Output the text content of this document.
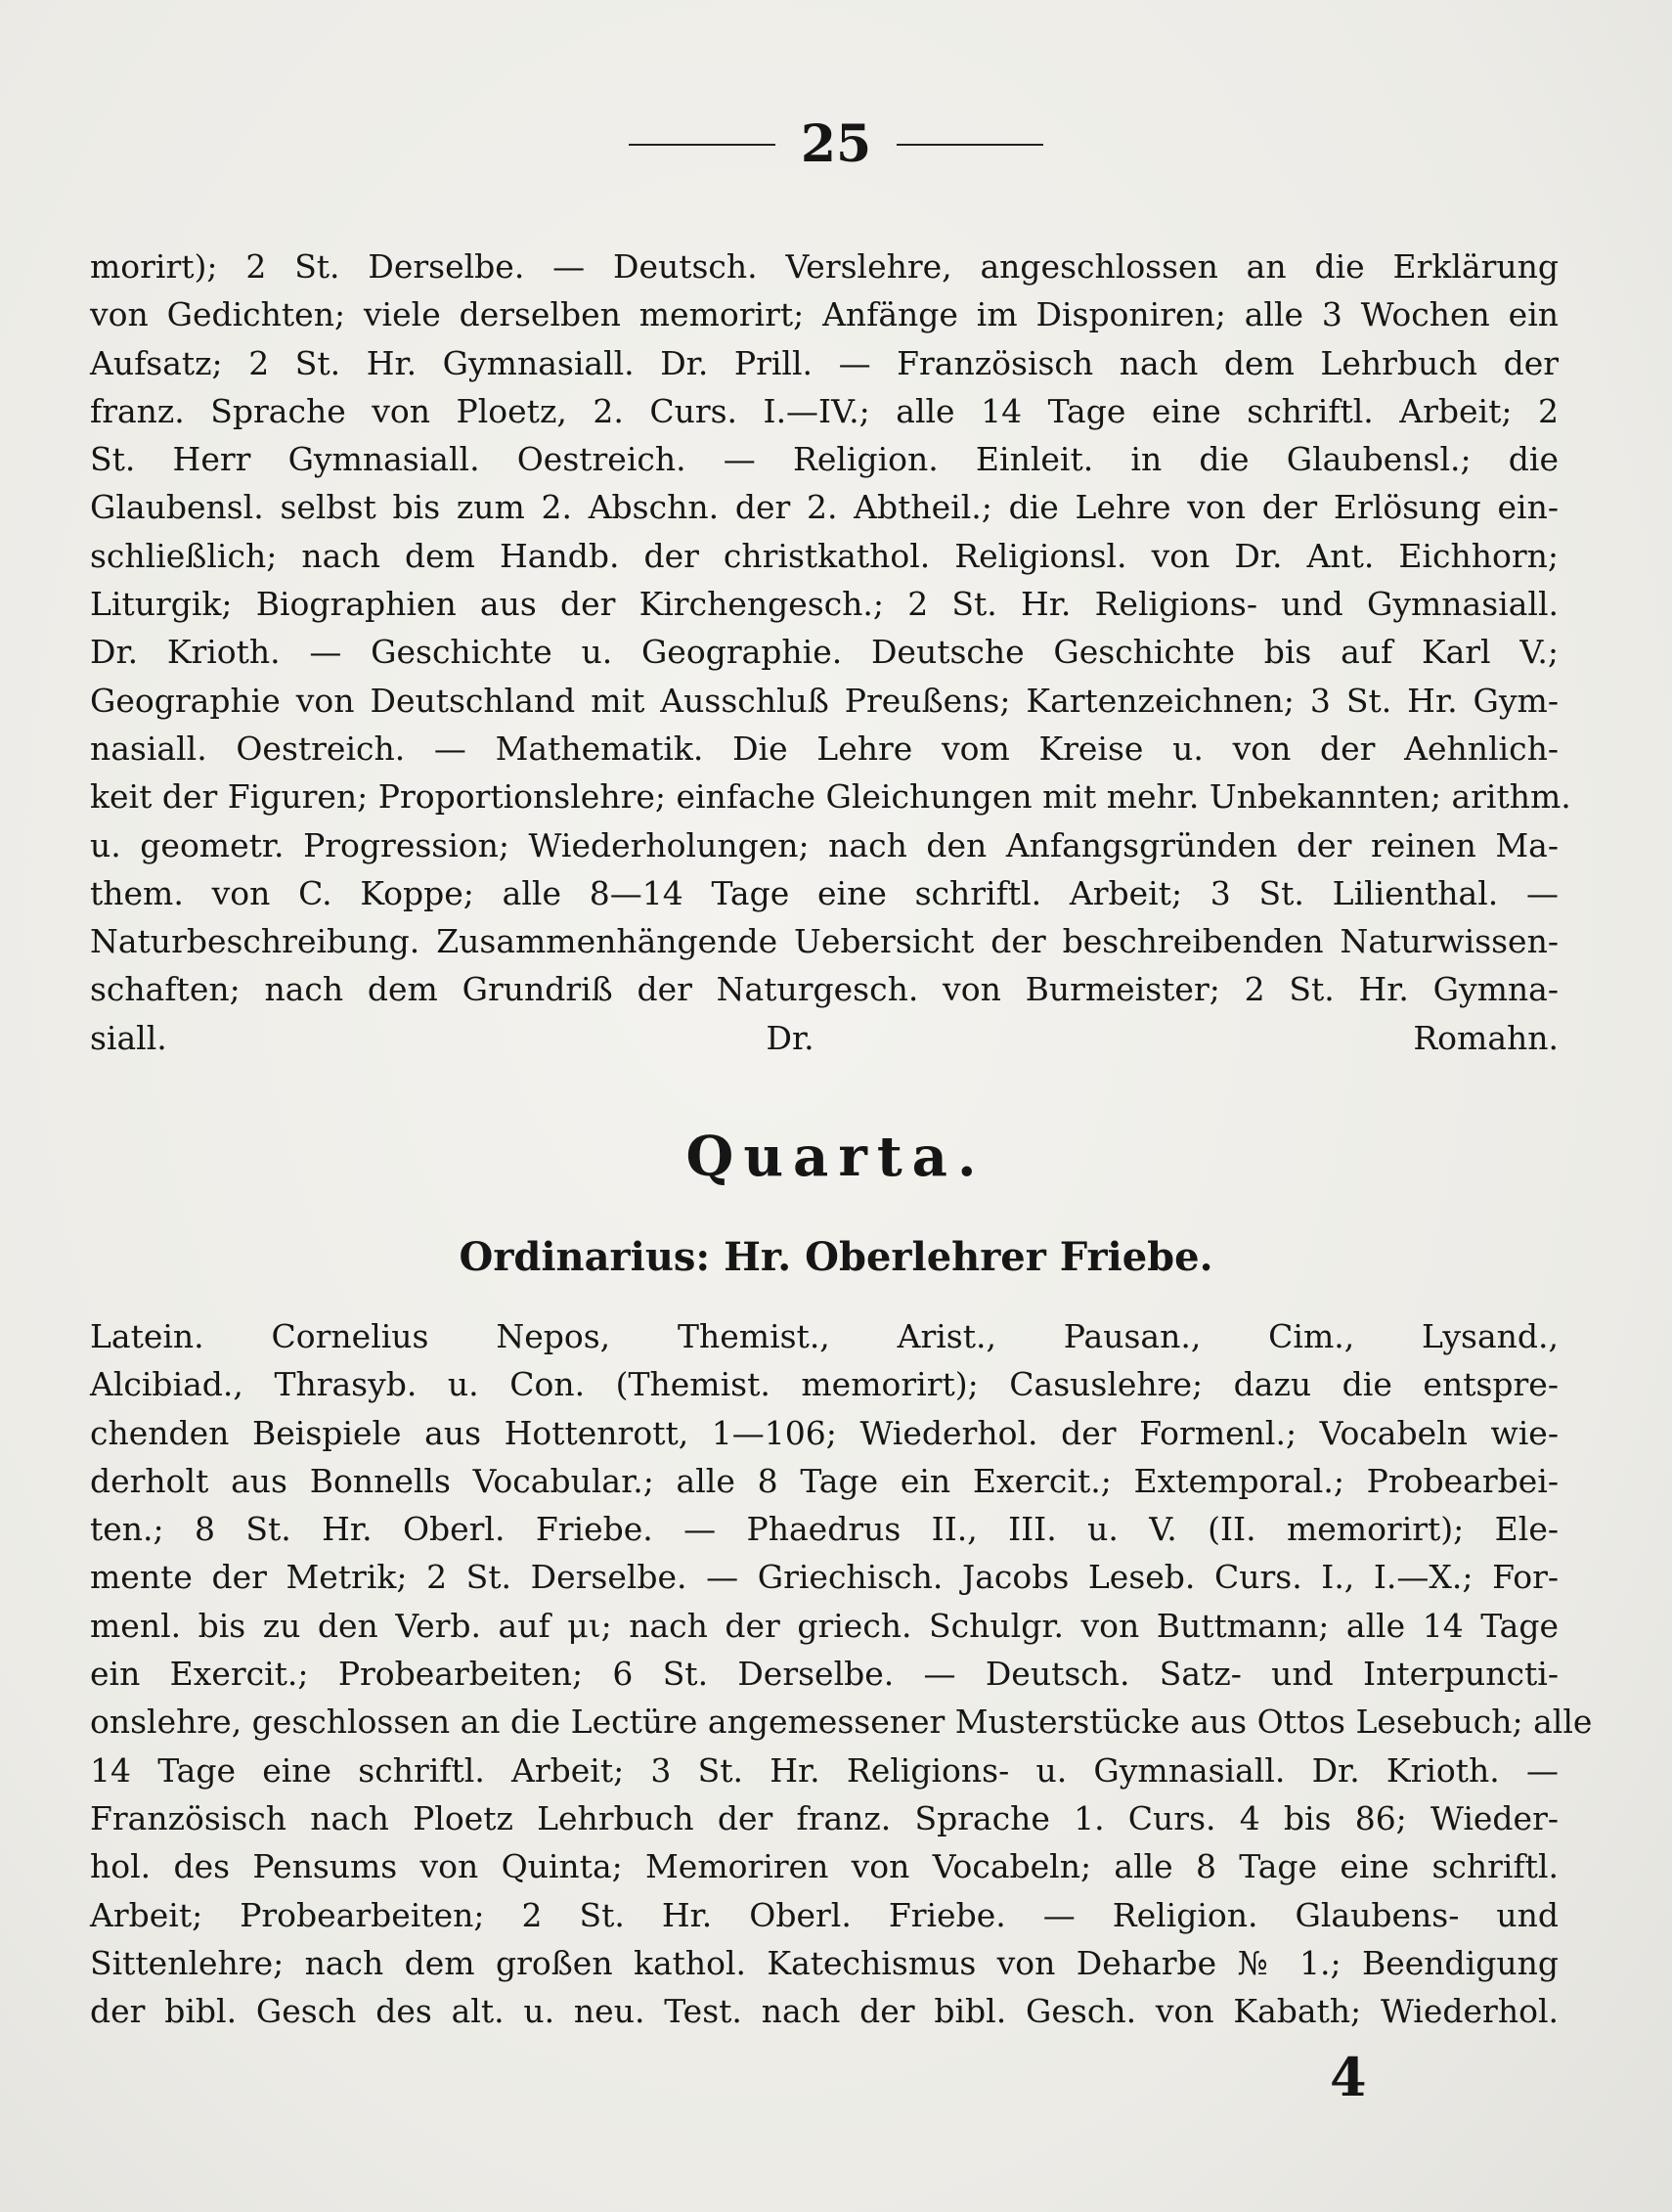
25
morirt); 2 St. Derselbe. — Deutsch. Verslehre, angeschlossen an die Erklärung
von Gedichten; viele derselben memorirt; Anfänge im Disponiren; alle 3 Wochen ein
Aufsatz; 2 St. Hr. Gymnasiall. Dr. Prill. — Französisch nach dem Lehrbuch der
franz. Sprache von Ploetz, 2. Curs. I.—IV.; alle 14 Tage eine schriftl. Arbeit; 2
St. Herr Gymnasiall. Oestreich. — Religion. Einleit. in die Glaubensl.; die
Glaubensl. selbst bis zum 2. Abschn. der 2. Abtheil.; die Lehre von der Erlösung ein-
schließlich; nach dem Handb. der christkathol. Religionsl. von Dr. Ant. Eichhorn;
Liturgik; Biographien aus der Kirchengesch.; 2 St. Hr. Religions- und Gymnasiall.
Dr. Krioth. — Geschichte u. Geographie. Deutsche Geschichte bis auf Karl V.;
Geographie von Deutschland mit Ausschluß Preußens; Kartenzeichnen; 3 St. Hr. Gym-
nasiall. Oestreich. — Mathematik. Die Lehre vom Kreise u. von der Aehnlich-
keit der Figuren; Proportionslehre; einfache Gleichungen mit mehr. Unbekannten; arithm.
u. geometr. Progression; Wiederholungen; nach den Anfangsgründen der reinen Ma-
them. von C. Koppe; alle 8—14 Tage eine schriftl. Arbeit; 3 St. Lilienthal. —
Naturbeschreibung. Zusammenhängende Uebersicht der beschreibenden Naturwissen-
schaften; nach dem Grundriß der Naturgesch. von Burmeister; 2 St. Hr. Gymna-
siall. Dr. Romahn.
Quarta.
Ordinarius: Hr. Oberlehrer Friebe.
Latein. Cornelius Nepos, Themist., Arist., Pausan., Cim., Lysand.,
Alcibiad., Thrasyb. u. Con. (Themist. memorirt); Casuslehre; dazu die entspre-
chenden Beispiele aus Hottenrott, 1—106; Wiederhol. der Formenl.; Vocabeln wie-
derholt aus Bonnells Vocabular.; alle 8 Tage ein Exercit.; Extemporal.; Probearbei-
ten.; 8 St. Hr. Oberl. Friebe. — Phaedrus II., III. u. V. (II. memorirt); Ele-
mente der Metrik; 2 St. Derselbe. — Griechisch. Jacobs Leseb. Curs. I., I.—X.; For-
menl. bis zu den Verb. auf μι; nach der griech. Schulgr. von Buttmann; alle 14 Tage
ein Exercit.; Probearbeiten; 6 St. Derselbe. — Deutsch. Satz- und Interpuncti-
onslehre, geschlossen an die Lectüre angemessener Musterstücke aus Ottos Lesebuch; alle
14 Tage eine schriftl. Arbeit; 3 St. Hr. Religions- u. Gymnasiall. Dr. Krioth. —
Französisch nach Ploetz Lehrbuch der franz. Sprache 1. Curs. 4 bis 86; Wieder-
hol. des Pensums von Quinta; Memoriren von Vocabeln; alle 8 Tage eine schriftl.
Arbeit; Probearbeiten; 2 St. Hr. Oberl. Friebe. — Religion. Glaubens- und
Sittenlehre; nach dem großen kathol. Katechismus von Deharbe № 1.; Beendigung
der bibl. Gesch des alt. u. neu. Test. nach der bibl. Gesch. von Kabath; Wiederhol.
4
